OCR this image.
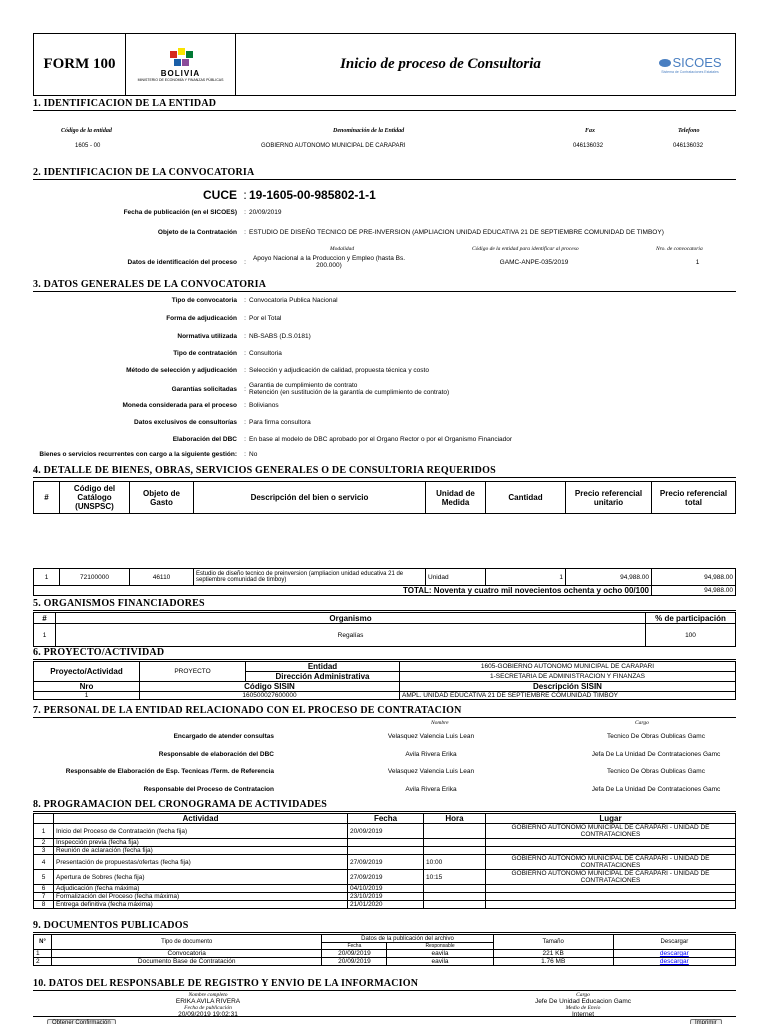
FORM 100
BOLIVIA
MINISTERIO DE ECONOMÍA Y FINANZAS PÚBLICAS
Inicio de proceso de Consultoria	SICOES
Sistema de Contrataciones Estatales
1. IDENTIFICACIÓN DE LA ENTIDAD
Código de la entidad	Denominación de la Entidad	Fax	Telefono
1605 - 00	GOBIERNO AUTONOMO MUNICIPAL DE CARAPARI	046136032	046136032
2. IDENTIFICACIÓN DE LA CONVOCATORIA
CUCE : 19-1605-00-985802-1-1
Fecha de publicación (en el SICOES)	: 20/09/2019
Objeto de la Contratación	: ESTUDIO DE DISEÑO TECNICO DE PRE-INVERSION (AMPLIACION UNIDAD EDUCATIVA 21 DE SEPTIEMBRE COMUNIDAD DE TIMBOY)
Modalidad	Código de la entidad para identificar al proceso	Nro. de convocatoria
Datos de identificación del proceso	:	Apoyo Nacional a la Produccion y Empleo (hasta Bs. 200.000)	GAMC-ANPE-035/2019	1
3. DATOS GENERALES DE LA CONVOCATORIA
Tipo de convocatoria	: Convocatoria Publica Nacional
Forma de adjudicación	: Por el Total
Normativa utilizada	: NB-SABS (D.S.0181)
Tipo de contratación	: Consultoria
Método de selección y adjudicación	: Selección y adjudicación de calidad, propuesta técnica y costo
Garantías solicitadas	: Garantia de cumplimiento de contrato
Retención (en sustitución de la garantía de cumplimiento de contrato)
Moneda considerada para el proceso	: Bolivianos
Datos exclusivos de consultorías	: Para firma consultora
Elaboración del DBC	: En base al modelo de DBC aprobado por el Organo Rector o por el Organismo Financiador
Bienes o servicios recurrentes con cargo a la siguiente gestión:	: No
4. DETALLE DE BIENES, OBRAS, SERVICIOS GENERALES O DE CONSULTORÍA REQUERIDOS
#	Código del Catálogo (UNSPSC)	Objeto de Gasto	Descripción del bien o servicio	Unidad de Medida	Cantidad	Precio referencial unitario	Precio referencial total
1	72100000	46110	Estudio de diseño tecnico de preinversion (ampliacion unidad educativa 21 de septiembre comunidad de timboy)	Unidad	1	94,988.00	94,988.00
TOTAL: Noventa y cuatro mil novecientos ochenta y ocho 00/100							94,988.00
5. ORGANISMOS FINANCIADORES
#	Organismo	% de participación
1	Regalías	100
6. PROYECTO/ACTIVIDAD
Proyecto/Actividad	PROYECTO	Entidad	1605-GOBIERNO AUTONOMO MUNICIPAL DE CARAPARI
		Dirección Administrativa	1-SECRETARIA DE ADMINISTRACION Y FINANZAS
Nro	Código SISIN		Descripción SISIN
1	160500027600000		AMPL. UNIDAD EDUCATIVA 21 DE SEPTIEMBRE COMUNIDAD TIMBOY
7. PERSONAL DE LA ENTIDAD RELACIONADO CON EL PROCESO DE CONTRATACIÓN
Nombre	Cargo
Encargado de atender consultas	Velasquez Valencia Luis Lean	Tecnico De Obras Oublicas Gamc
Responsable de elaboración del DBC	Avila Rivera Erika	Jefa De La Unidad De Contrataciones Gamc
Responsable de Elaboración de Esp. Tecnicas /Term. de Referencia	Velasquez Valencia Luis Lean	Tecnico De Obras Oublicas Gamc
Responsable del Proceso de Contratacion	Avila Rivera Erika	Jefa De La Unidad De Contrataciones Gamc
8. PROGRAMACIÓN DEL CRONOGRAMA DE ACTIVIDADES
	Actividad	Fecha	Hora	Lugar
1	Inicio del Proceso de Contratación (fecha fija)	20/09/2019		GOBIERNO AUTONOMO MUNICIPAL DE CARAPARI - UNIDAD DE CONTRATACIONES
2	Inspección previa (fecha fija)			
3	Reunión de aclaración (fecha fija)			
4	Presentación de propuestas/ofertas (fecha fija)	27/09/2019	10:00	GOBIERNO AUTONOMO MUNICIPAL DE CARAPARI - UNIDAD DE CONTRATACIONES
5	Apertura de Sobres (fecha fija)	27/09/2019	10:15	GOBIERNO AUTONOMO MUNICIPAL DE CARAPARI - UNIDAD DE CONTRATACIONES
6	Adjudicación (fecha máxima)	04/10/2019		
7	Formalización del Proceso (fecha máxima)	23/10/2019		
8	Entrega definitiva (fecha máxima)	21/01/2020		
9. DOCUMENTOS PUBLICADOS
N°	Tipo de documento	Datos de la publicación del archivo		Tamaño	Descargar
		Fecha	Responsable		
1	Convocatoria	20/09/2019	eavila	221 KB	descargar
2	Documento Base de Contratación	20/09/2019	eavila	1.76 MB	descargar
10. DATOS DEL RESPONSABLE DE REGISTRO Y ENVÍO DE LA INFORMACIÓN
Nombre completo
ERIKA AVILA RIVERA
Fecha de publicación
20/09/2019 19:02:31
Cargo
Jefe De Unidad Educacion Gamc
Medio de Envío
Internet
Obtener Confirmación	Imprimir
